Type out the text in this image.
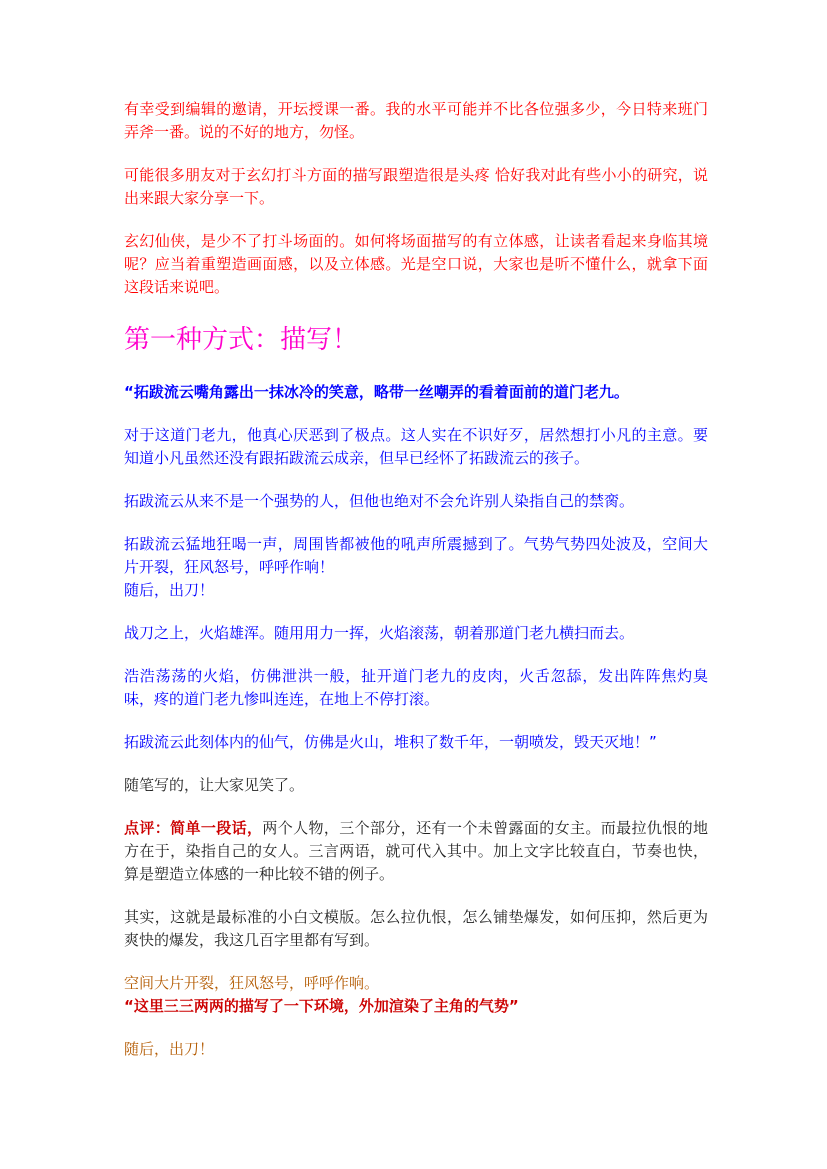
有幸受到编辑的邀请，开坛授课一番。我的水平可能并不比各位强多少，今日特来班门弄斧一番。说的不好的地方，勿怪。

可能很多朋友对于玄幻打斗方面的描写跟塑造很是头疼 恰好我对此有些小小的研究，说出来跟大家分享一下。

玄幻仙侠，是少不了打斗场面的。如何将场面描写的有立体感，让读者看起来身临其境呢？应当着重塑造画面感，以及立体感。光是空口说，大家也是听不懂什么，就拿下面这段话来说吧。

第一种方式：描写！

“拓跋流云嘴角露出一抹冰冷的笑意，略带一丝嘲弄的看着面前的道门老九。

对于这道门老九，他真心厌恶到了极点。这人实在不识好歹，居然想打小凡的主意。要知道小凡虽然还没有跟拓跋流云成亲，但早已经怀了拓跋流云的孩子。

拓跋流云从来不是一个强势的人，但他也绝对不会允许别人染指自己的禁脔。

拓跋流云猛地狂喝一声，周围皆都被他的吼声所震撼到了。气势气势四处波及，空间大片开裂，狂风怒号，呼呼作响！
随后，出刀！

战刀之上，火焰雄浑。随用用力一挥，火焰滚荡，朝着那道门老九横扫而去。

浩浩荡荡的火焰，仿佛泄洪一般，扯开道门老九的皮肉，火舌忽舔，发出阵阵焦灼臭味，疼的道门老九惨叫连连，在地上不停打滚。

拓跋流云此刻体内的仙气，仿佛是火山，堆积了数千年，一朝喷发，毁天灭地！”

随笔写的，让大家见笑了。

点评：简单一段话，两个人物，三个部分，还有一个未曾露面的女主。而最拉仇恨的地方在于，染指自己的女人。三言两语，就可代入其中。加上文字比较直白，节奏也快，算是塑造立体感的一种比较不错的例子。

其实，这就是最标准的小白文模版。怎么拉仇恨，怎么铺垫爆发，如何压抑，然后更为爽快的爆发，我这几百字里都有写到。

空间大片开裂，狂风怒号，呼呼作响。

“这里三三两两的描写了一下环境，外加渲染了主角的气势”

随后，出刀！
